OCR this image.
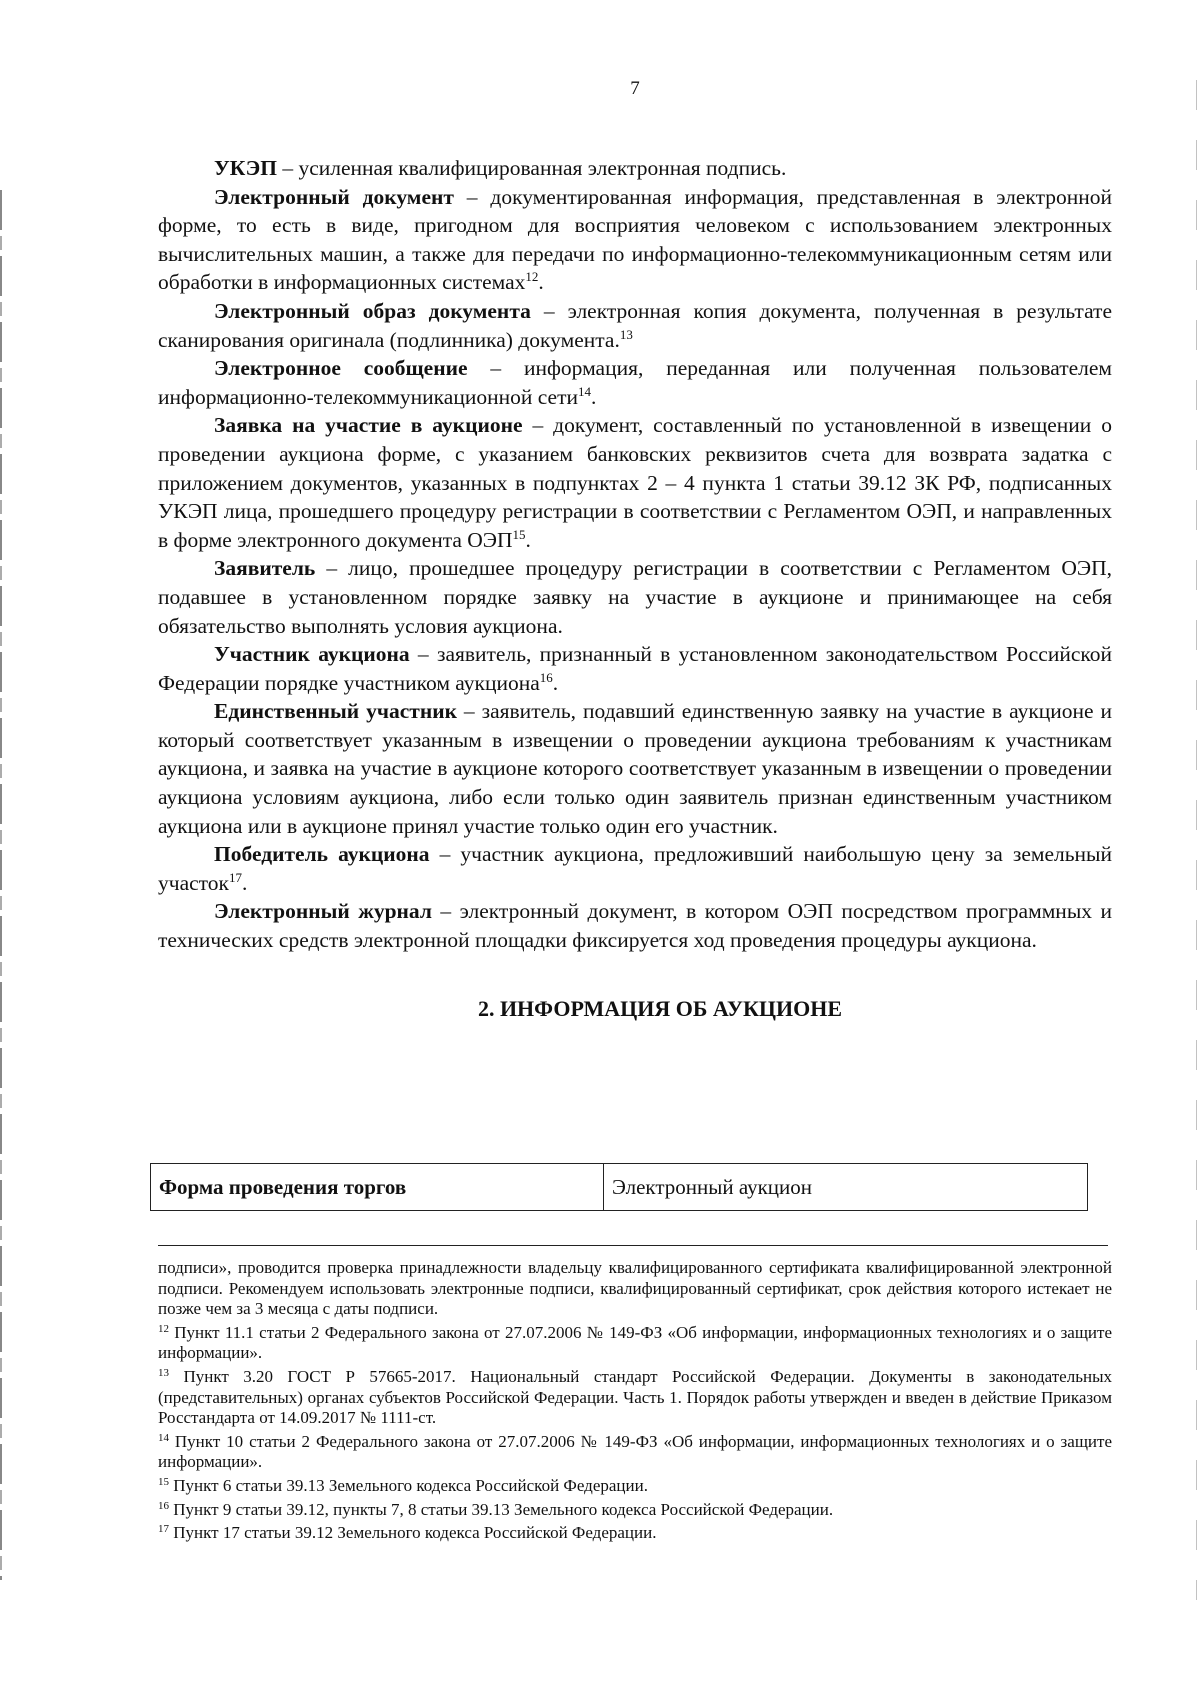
7

УКЭП – усиленная квалифицированная электронная подпись.

Электронный документ – документированная информация, представленная в электронной форме, то есть в виде, пригодном для восприятия человеком с использованием электронных вычислительных машин, а также для передачи по информационно-телекоммуникационным сетям или обработки в информационных системах$^{12}$.

Электронный образ документа – электронная копия документа, полученная в результате сканирования оригинала (подлинника) документа.$^{13}$

Электронное сообщение – информация, переданная или полученная пользователем информационно-телекоммуникационной сети$^{14}$.

Заявка на участие в аукционе – документ, составленный по установленной в извещении о проведении аукциона форме, с указанием банковских реквизитов счета для возврата задатка с приложением документов, указанных в подпунктах 2 – 4 пункта 1 статьи 39.12 ЗК РФ, подписанных УКЭП лица, прошедшего процедуру регистрации в соответствии с Регламентом ОЭП, и направленных в форме электронного документа ОЭП$^{15}$.

Заявитель – лицо, прошедшее процедуру регистрации в соответствии с Регламентом ОЭП, подавшее в установленном порядке заявку на участие в аукционе и принимающее на себя обязательство выполнять условия аукциона.

Участник аукциона – заявитель, признанный в установленном законодательством Российской Федерации порядке участником аукциона$^{16}$.

Единственный участник – заявитель, подавший единственную заявку на участие в аукционе и который соответствует указанным в извещении о проведении аукциона требованиям к участникам аукциона, и заявка на участие в аукционе которого соответствует указанным в извещении о проведении аукциона условиям аукциона, либо если только один заявитель признан единственным участником аукциона или в аукционе принял участие только один его участник.

Победитель аукциона – участник аукциона, предложивший наибольшую цену за земельный участок$^{17}$.

Электронный журнал – электронный документ, в котором ОЭП посредством программных и технических средств электронной площадки фиксируется ход проведения процедуры аукциона.

2. ИНФОРМАЦИЯ ОБ АУКЦИОНЕ
Форма проведения торгов	Электронный аукцион

подписи», проводится проверка принадлежности владельцу квалифицированного сертификата квалифицированной электронной подписи. Рекомендуем использовать электронные подписи, квалифицированный сертификат, срок действия которого истекает не позже чем за 3 месяца с даты подписи.

$^{12}$ Пункт 11.1 статьи 2 Федерального закона от 27.07.2006 № 149-ФЗ «Об информации, информационных технологиях и о защите информации».

$^{13}$ Пункт 3.20 ГОСТ Р 57665-2017. Национальный стандарт Российской Федерации. Документы в законодательных (представительных) органах субъектов Российской Федерации. Часть 1. Порядок работы утвержден и введен в действие Приказом Росстандарта от 14.09.2017 № 1111-ст.

$^{14}$ Пункт 10 статьи 2 Федерального закона от 27.07.2006 № 149-ФЗ «Об информации, информационных технологиях и о защите информации».

$^{15}$ Пункт 6 статьи 39.13 Земельного кодекса Российской Федерации.

$^{16}$ Пункт 9 статьи 39.12, пункты 7, 8 статьи 39.13 Земельного кодекса Российской Федерации.

$^{17}$ Пункт 17 статьи 39.12 Земельного кодекса Российской Федерации.
